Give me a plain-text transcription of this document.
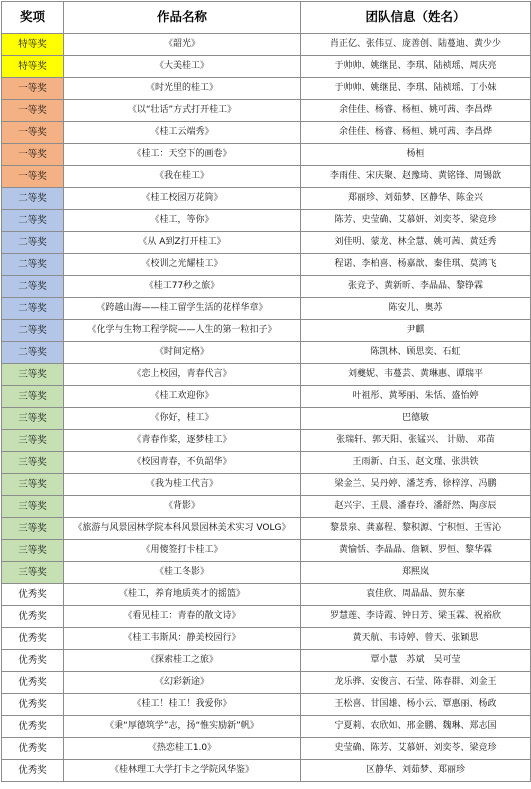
奖项	作品名称	团队信息（姓名）
特等奖	《韶光》	肖正亿、张伟豆、庞善创、陆蔓迪、黄少少
特等奖	《大美桂工》	于帅帅、姚继昆、李琪、陆祯瑶、周庆亮
一等奖	《时光里的桂工》	于帅帅、姚继昆、李琪、陆祯瑶、丁小妹
一等奖	《以“壮话”方式打开桂工》	余佳佳、杨睿、杨桓、姚可茜、李昌烨
一等奖	《桂工云端秀》	余佳佳、杨睿、杨桓、姚可茜、李昌烨
一等奖	《桂工：天空下的画卷》	杨桓
一等奖	《我在桂工》	李雨佳、宋庆聚、赵豫琦、黄铭锋、周锡歆
二等奖	《桂工校园万花筒》	郑丽珍、刘茹梦、区静华、陈金兴
二等奖	《桂工，等你》	陈芳、史莹确、艾慕妍、刘奕苓、梁竞珍
二等奖	《从 A到Z打开桂工》	刘佳明、蒙龙、林全慧、姚可茜、黄廷秀
二等奖	《校训之光耀桂工》	程诺、李柏喜、杨嘉歆、秦佳琪、莫鸿飞
二等奖	《桂工77秒之旅》	张竞予、黄新昕、李晶晶、黎铮霖
二等奖	《跨越山海——桂工留学生活的花样华章》	陈安儿、奥苏
二等奖	《化学与生物工程学院——人生的第一粒扣子》	尹麒
二等奖	《时间定格》	陈凯林、顾思奕、石虹
三等奖	《恋上校园，青春代言》	刘夔妮、韦蔓芸、黄琳惠、谭瑞平
三等奖	《桂工欢迎你》	叶祖彤、黄琴丽、朱恬、盛怡婷
三等奖	《你好，桂工》	巴德敏
三等奖	《青春作桨，逐梦桂工》	张瑞轩、郭天阳、张锰兴、 计勋、 邓苗
三等奖	《校园青春，不负韶华》	王雨新、白玉、赵文瑾、张洪铁
三等奖	《我为桂工代言》	梁金兰、吴丹婷、潘芝秀、徐梓淳、冯鹏
三等奖	《背影》	赵兴宇、王晨、潘春玲、潘舒然、陶彦辰
三等奖	《旅游与风景园林学院本科风景园林美术实习 VOLG》	黎景泉、龚嘉程、黎积源、宁积恒、王雪沁
三等奖	《用傻签打卡桂工》	黄愉恬、李晶晶、詹颖、罗恒、黎华霖
三等奖	《桂工冬影》	郑熙岚
优秀奖	《桂工，养育地质英才的摇篮》	袁佳欣、周晶晶、贺东豪
优秀奖	《看见桂工：青春的散文诗》	罗慧莲、李诗霞、钟日芳、梁玉霖、祝裕欣
优秀奖	《桂工韦斯风：静美校园行》	黄天航、韦诗婷、曾天、张颖思
优秀奖	《探索桂工之旅》	覃小慧　苏斌　吴可莹
优秀奖	《幻彩新途》	龙乐骅、安俊言、石莹、陈春群、刘金王
优秀奖	《桂工！桂工！我爱你》	王松喜、甘国雄、杨小云、覃惠丽、杨政
优秀奖	《秉“厚德筑学”志，扬“惟实励新”帆》	宁夏莉、农欣如、邢金鹏、魏琳、郑志国
优秀奖	《热恋桂工1.0》	史莹确、陈芳、艾慕妍、刘奕苓、梁竞珍
优秀奖	《桂林理工大学打卡之学院风华鉴》	区静华、刘茹梦、郑丽珍
